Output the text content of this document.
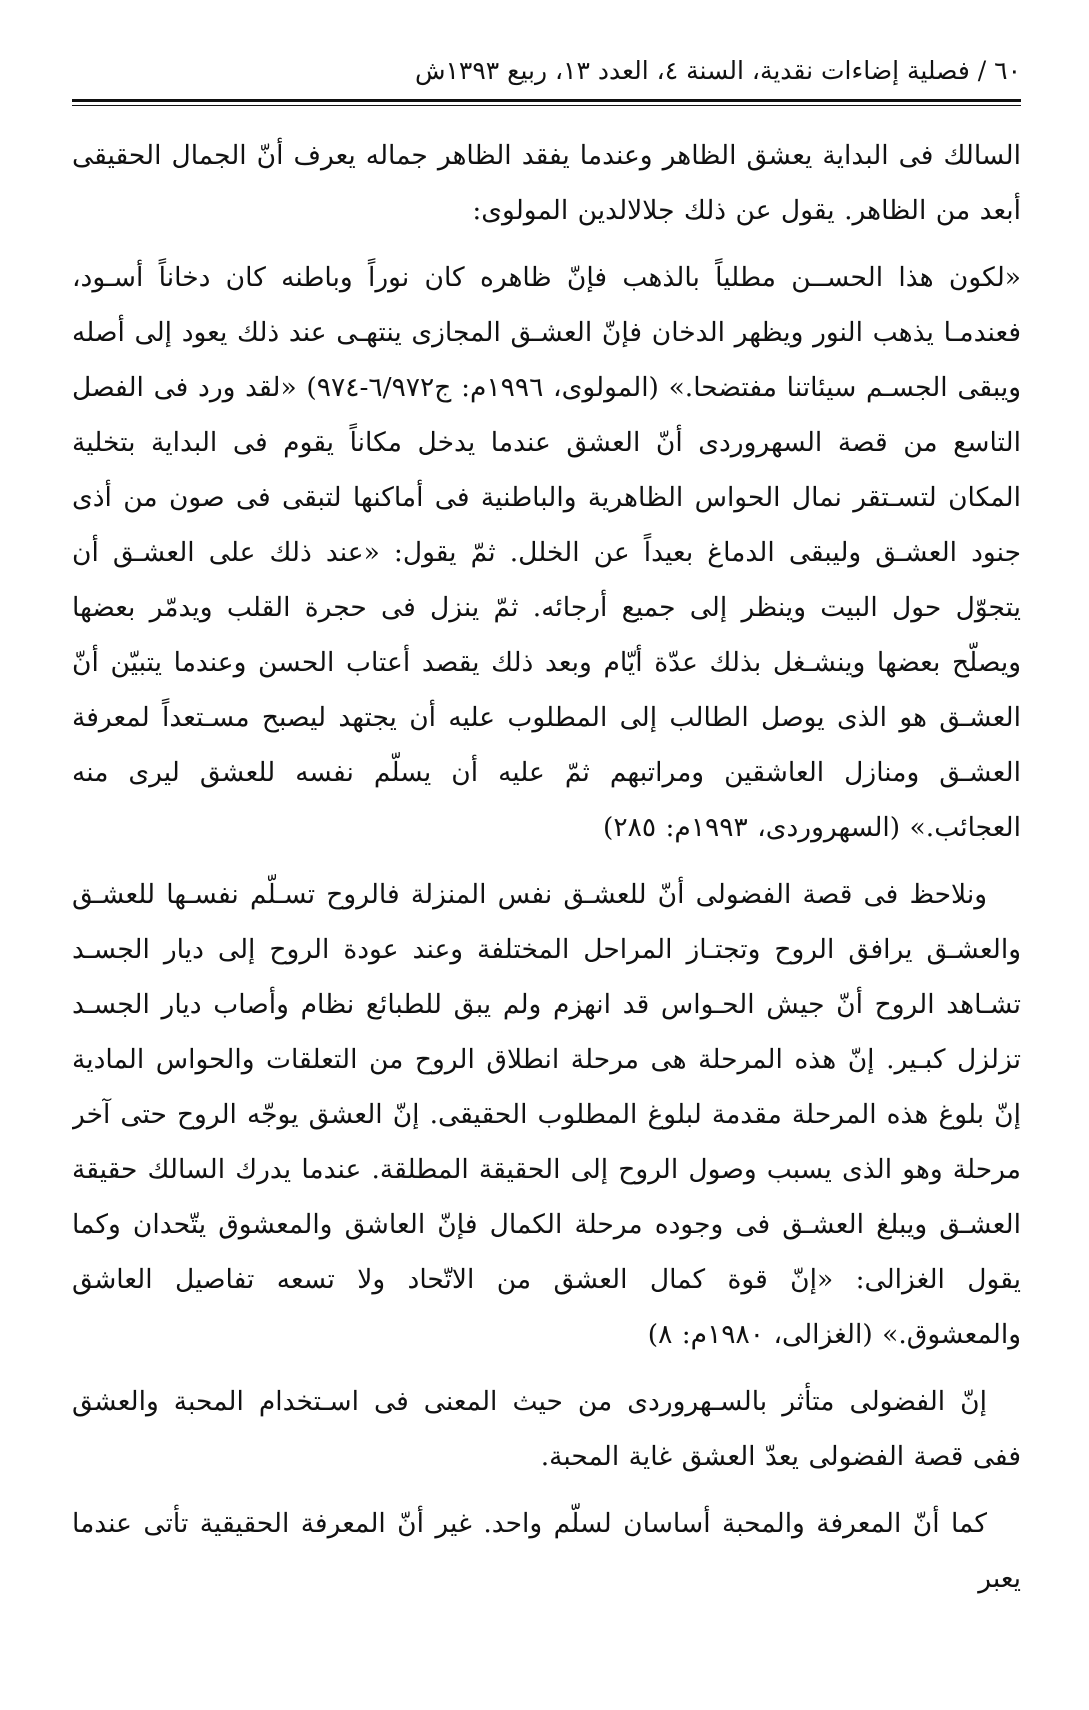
٦٠ / فصلية إضاءات نقدية، السنة ٤، العدد ١٣، ربيع ١٣٩٣ش

السالك فى البداية يعشق الظاهر وعندما يفقد الظاهر جماله يعرف أنّ الجمال الحقيقى أبعد من الظاهر. يقول عن ذلك جلالالدين المولوى:

«لكون هذا الحســن مطلياً بالذهب فإنّ ظاهره كان نوراً وباطنه كان دخاناً أسـود، فعندمـا يذهب النور ويظهر الدخان فإنّ العشـق المجازى ينتهـى عند ذلك يعود إلى أصله ويبقى الجسـم سيئاتنا مفتضحا.» (المولوى، ١٩٩٦م: ج٦/٩٧٢-٩٧٤) «لقد ورد فى الفصل التاسع من قصة السهروردى أنّ العشق عندما يدخل مكاناً يقوم فى البداية بتخلية المكان لتسـتقر نمال الحواس الظاهرية والباطنية فى أماكنها لتبقى فى صون من أذى جنود العشـق وليبقى الدماغ بعيداً عن الخلل. ثمّ يقول: «عند ذلك على العشـق أن يتجوّل حول البيت وينظر إلى جميع أرجائه. ثمّ ينزل فى حجرة القلب ويدمّر بعضها ويصلّح بعضها وينشـغل بذلك عدّة أيّام وبعد ذلك يقصد أعتاب الحسن وعندما يتبيّن أنّ العشـق هو الذى يوصل الطالب إلى المطلوب عليه أن يجتهد ليصبح مسـتعداً لمعرفة العشـق ومنازل العاشقين ومراتبهم ثمّ عليه أن يسلّم نفسه للعشق ليرى منه العجائب.» (السهروردى، ١٩٩٣م: ٢٨٥)

ونلاحظ فى قصة الفضولى أنّ للعشـق نفس المنزلة فالروح تسـلّم نفسـها للعشـق والعشـق يرافق الروح وتجتـاز المراحل المختلفة وعند عودة الروح إلى ديار الجسـد تشـاهد الروح أنّ جيش الحـواس قد انهزم ولم يبق للطبائع نظام وأصاب ديار الجسـد تزلزل كبـير. إنّ هذه المرحلة هى مرحلة انطلاق الروح من التعلقات والحواس المادية إنّ بلوغ هذه المرحلة مقدمة لبلوغ المطلوب الحقيقى. إنّ العشق يوجّه الروح حتى آخر مرحلة وهو الذى يسبب وصول الروح إلى الحقيقة المطلقة. عندما يدرك السالك حقيقة العشـق ويبلغ العشـق فى وجوده مرحلة الكمال فإنّ العاشق والمعشوق يتّحدان وكما يقول الغزالى: «إنّ قوة كمال العشق من الاتّحاد ولا تسعه تفاصيل العاشق والمعشوق.» (الغزالى، ١٩٨٠م: ٨)

إنّ الفضولى متأثر بالسـهروردى من حيث المعنى فى اسـتخدام المحبة والعشق ففى قصة الفضولى يعدّ العشق غاية المحبة.

كما أنّ المعرفة والمحبة أساسان لسلّم واحد. غير أنّ المعرفة الحقيقية تأتى عندما يعبر
